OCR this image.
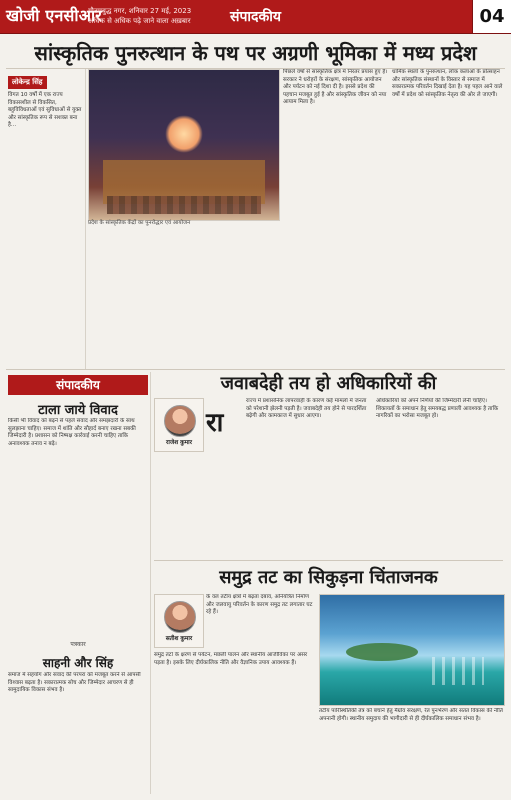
खोजी एनसीआर
गौतमबुद्ध नगर, शनिवार 27 मई, 2023
अधिक से अधिक पढ़े जाने वाला अख़बार	संपादकीय	04
सांस्कृतिक पुनरुत्थान के पथ पर अग्रणी भूमिका में मध्य प्रदेश
लोकेन्द्र सिंह
विगत 10 वर्षों में एक राज्य विकासशील से विकसित, बहुविविधताओं एवं सुविधाओं से युक्त और सांस्कृतिक रूप से सशक्त बना है...
प्रदेश के सांस्कृतिक केंद्रों का पुनरोद्धार एवं आयोजन

पिछले वर्षों से सांस्कृतिक क्षेत्र में निरंतर प्रयास हुए हैं। सरकार ने धरोहरों के संरक्षण, सांस्कृतिक आयोजन और पर्यटन को नई दिशा दी है। इससे प्रदेश की पहचान मजबूत हुई है और सांस्कृतिक जीवन को नया आयाम मिला है।

धार्मिक स्थलों के पुनरुत्थान, लोक कलाओं के प्रोत्साहन और सांस्कृतिक संस्थानों के विस्तार से समाज में सकारात्मक परिवर्तन दिखाई देता है। यह पहल आने वाले वर्षों में प्रदेश को सांस्कृतिक नेतृत्व की ओर ले जाएगी।

संपादकीय	जवाबदेही तय हो अधिकारियों की
टाला जाये विवाद

किसी भी विवाद को बढ़ने से पहले संवाद और समझदारी के साथ सुलझाना चाहिए। समाज में शांति और सौहार्द बनाए रखना सबकी जिम्मेदारी है। प्रशासन को निष्पक्ष कार्रवाई करनी चाहिए ताकि अनावश्यक तनाव न बढ़े।	राजेश कुमार
रा

राज्य में प्रशासनिक लापरवाही के कारण कई मामलों में जनता को परेशानी झेलनी पड़ती है। जवाबदेही तय होने से पारदर्शिता बढ़ेगी और कामकाज में सुधार आएगा।

अधिकारियों को अपने निर्णयों की जिम्मेदारी लेनी चाहिए। शिकायतों के समाधान हेतु समयबद्ध प्रणाली आवश्यक है ताकि नागरिकों का भरोसा मजबूत हो।

समुद्र तट का सिकुड़ना चिंताजनक
सतीश कुमार

के वल तटीय क्षेत्रों में बढ़ता दबाव, अनियंत्रित निर्माण और जलवायु परिवर्तन के कारण समुद्र तट लगातार घट रहे हैं।

समुद्र तटों के क्षरण से पर्यटन, मछली पालन और स्थानीय आजीविका पर असर पड़ता है। इसके लिए दीर्घकालिक नीति और वैज्ञानिक उपाय आवश्यक हैं।

तटीय पारिस्थितिकी तंत्र को बचाने हेतु मैंग्रोव संरक्षण, रेत पुनर्भरण और सतत विकास की नीति अपनानी होगी। स्थानीय समुदाय की भागीदारी से ही दीर्घकालिक समाधान संभव है।

पत्रकार
साहनी और सिंह

समाज में सहयोग और संवाद की परंपरा को मजबूत करने से आपसी विश्वास बढ़ता है। सकारात्मक सोच और जिम्मेदार आचरण से ही सामुदायिक विकास संभव है।
